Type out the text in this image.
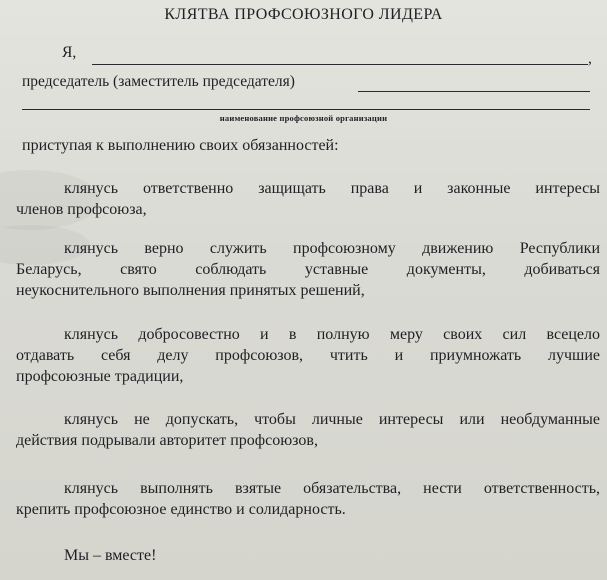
КЛЯТВА ПРОФСОЮЗНОГО ЛИДЕРА
Я,	,
председатель (заместитель председателя)
наименование профсоюзной организации
приступая к выполнению своих обязанностей:
клянусь ответственно защищать права и законные интересы
членов профсоюза,
клянусь верно служить профсоюзному движению Республики
Беларусь, свято соблюдать уставные документы, добиваться
неукоснительного выполнения принятых решений,
клянусь добросовестно и в полную меру своих сил всецело
отдавать себя делу профсоюзов, чтить и приумножать лучшие
профсоюзные традиции,
клянусь не допускать, чтобы личные интересы или необдуманные
действия подрывали авторитет профсоюзов,
клянусь выполнять взятые обязательства, нести ответственность,
крепить профсоюзное единство и солидарность.
Мы – вместе!
